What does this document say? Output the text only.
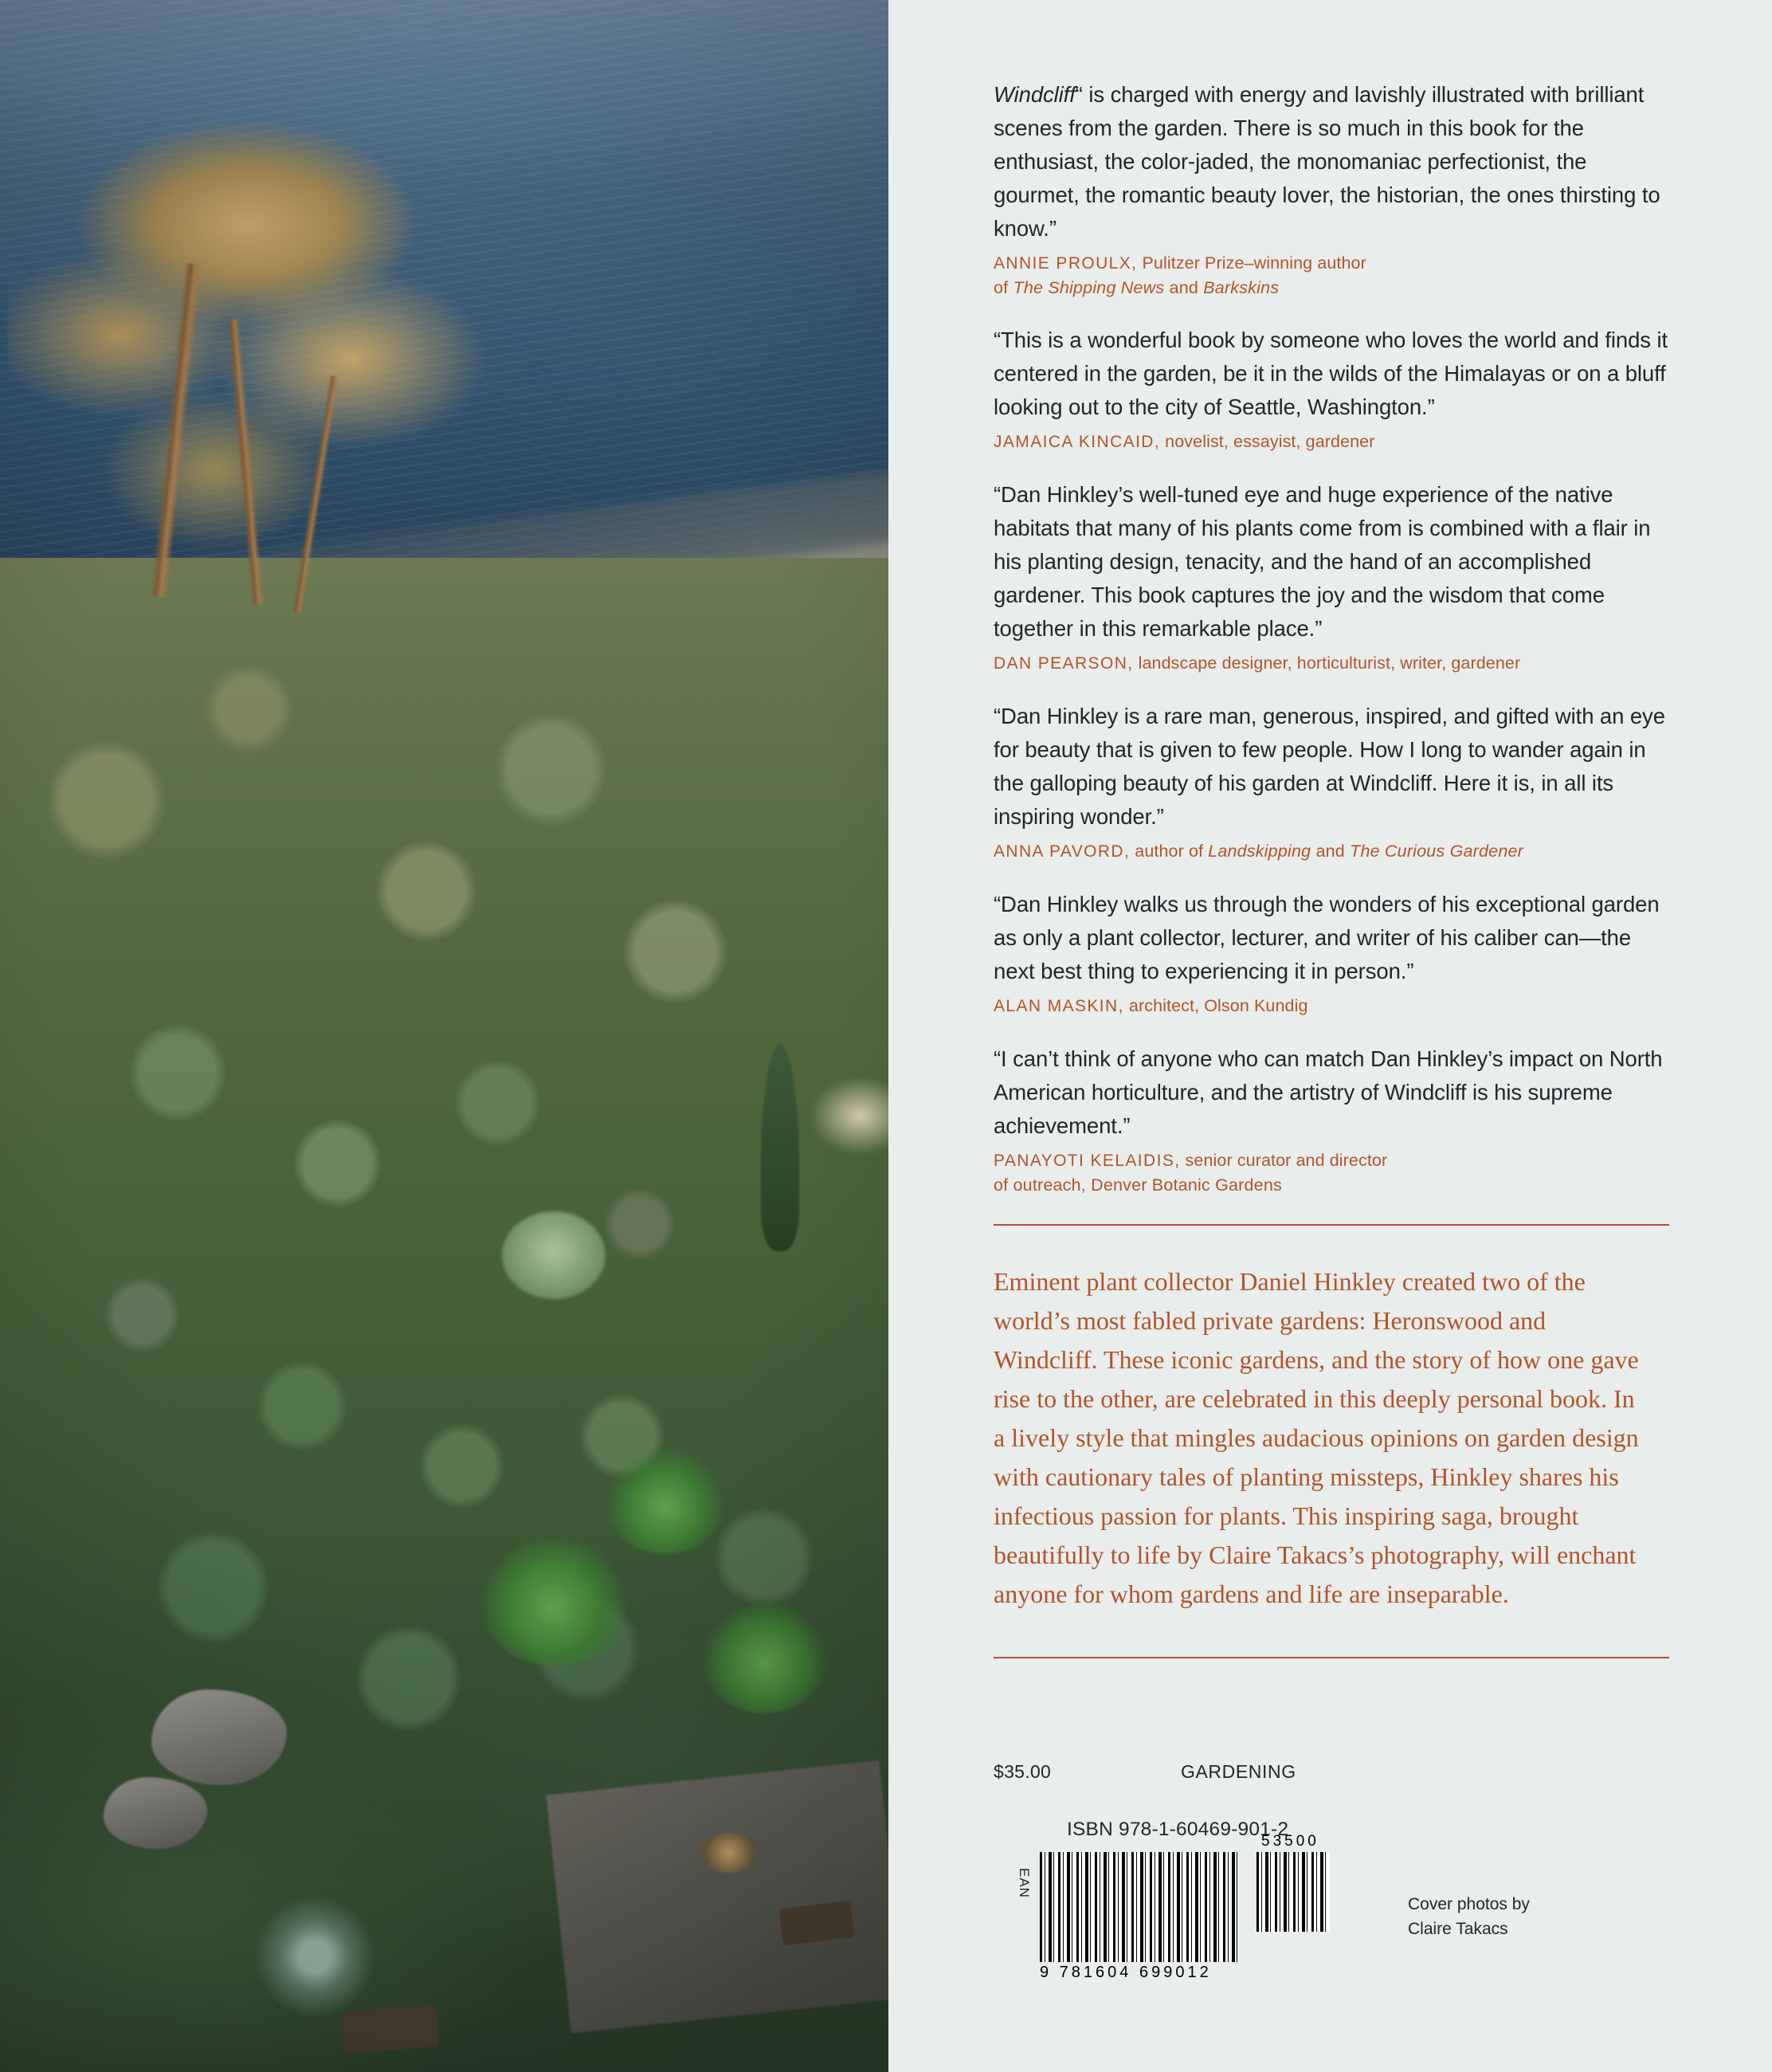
Windcliff“ is charged with energy and lavishly illustrated with brilliant scenes from the garden. There is so much in this book for the enthusiast, the color-jaded, the monomaniac perfectionist, the gourmet, the romantic beauty lover, the historian, the ones thirsting to know.”

ANNIE PROULX, Pulitzer Prize–winning author
of The Shipping News and Barkskins

“This is a wonderful book by someone who loves the world and finds it centered in the garden, be it in the wilds of the Himalayas or on a bluff looking out to the city of Seattle, Washington.”

JAMAICA KINCAID, novelist, essayist, gardener

“Dan Hinkley’s well-tuned eye and huge experience of the native habitats that many of his plants come from is combined with a flair in his planting design, tenacity, and the hand of an accomplished gardener. This book captures the joy and the wisdom that come together in this remarkable place.”

DAN PEARSON, landscape designer, horticulturist, writer, gardener

“Dan Hinkley is a rare man, generous, inspired, and gifted with an eye for beauty that is given to few people. How I long to wander again in the galloping beauty of his garden at Windcliff. Here it is, in all its inspiring wonder.”

ANNA PAVORD, author of Landskipping and The Curious Gardener

“Dan Hinkley walks us through the wonders of his exceptional garden as only a plant collector, lecturer, and writer of his caliber can—the next best thing to experiencing it in person.”

ALAN MASKIN, architect, Olson Kundig

“I can’t think of anyone who can match Dan Hinkley’s impact on North American horticulture, and the artistry of Windcliff is his supreme achievement.”

PANAYOTI KELAIDIS, senior curator and director
of outreach, Denver Botanic Gardens

Eminent plant collector Daniel Hinkley created two of the world’s most fabled private gardens: Heronswood and Windcliff. These iconic gardens, and the story of how one gave rise to the other, are celebrated in this deeply personal book. In a lively style that mingles audacious opinions on garden design with cautionary tales of planting missteps, Hinkley shares his infectious passion for plants. This inspiring saga, brought beautifully to life by Claire Takacs’s photography, will enchant anyone for whom gardens and life are inseparable.

$35.00	GARDENING
ISBN 978-1-60469-901-2
EAN
9 781604 699012
53500
Cover photos by
Claire Takacs
